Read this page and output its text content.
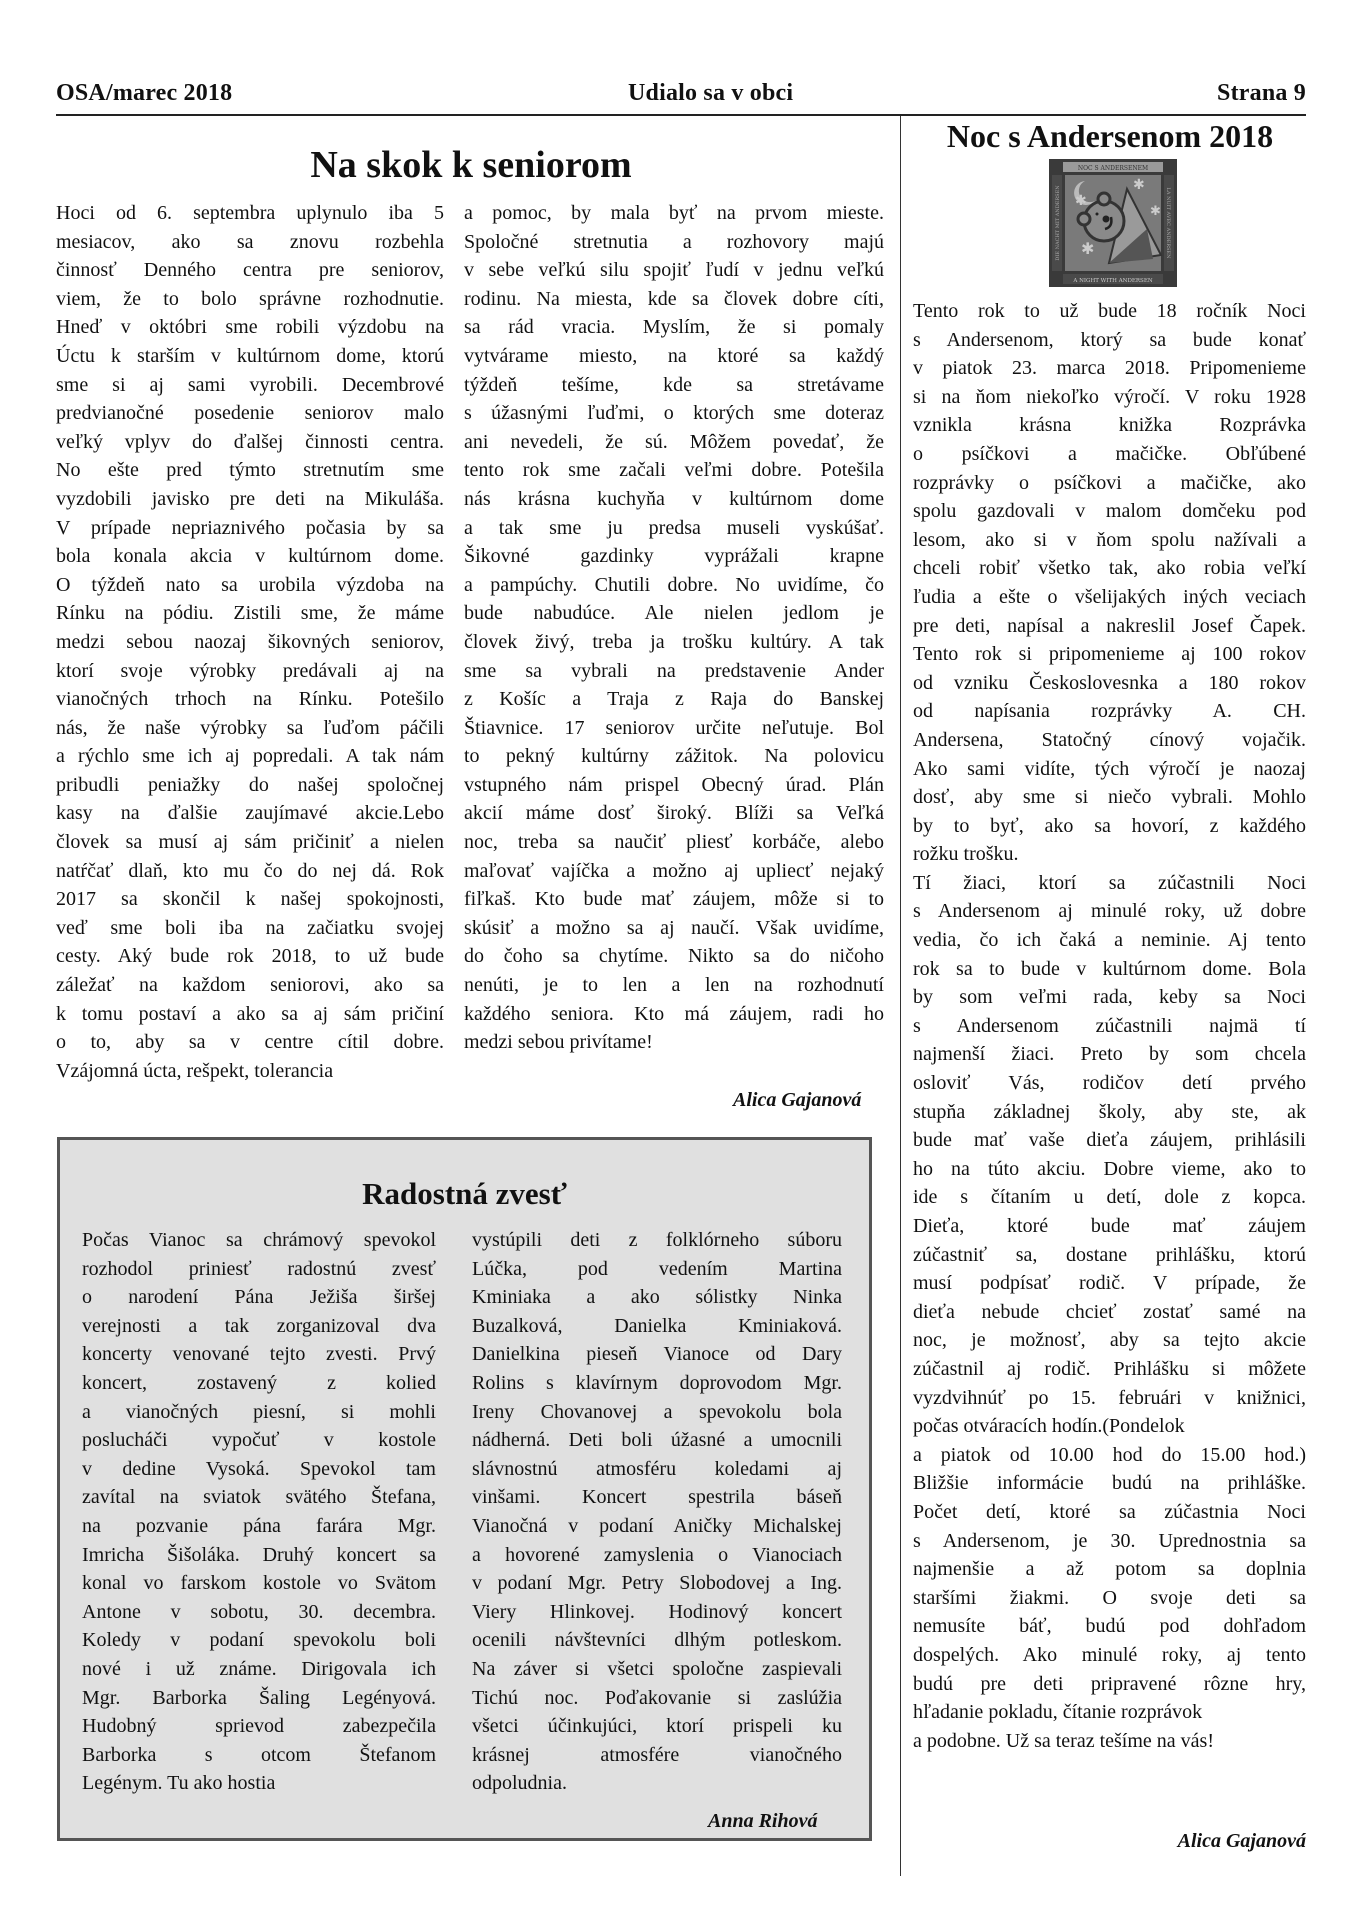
OSA/marec 2018	Udialo sa v obci	Strana 9
Na skok k seniorom
Hoci od 6. septembra uplynulo iba 5
mesiacov, ako sa znovu rozbehla
činnosť Denného centra pre seniorov,
viem, že to bolo správne rozhodnutie.
Hneď v októbri sme robili výzdobu na
Úctu k starším v kultúrnom dome, ktorú
sme si aj sami vyrobili. Decembrové
predvianočné posedenie seniorov malo
veľký vplyv do ďalšej činnosti centra.
No ešte pred týmto stretnutím sme
vyzdobili javisko pre deti na Mikuláša.
V prípade nepriaznivého počasia by sa
bola konala akcia v kultúrnom dome.
O týždeň nato sa urobila výzdoba na
Rínku na pódiu. Zistili sme, že máme
medzi sebou naozaj šikovných seniorov,
ktorí svoje výrobky predávali aj na
vianočných trhoch na Rínku. Potešilo
nás, že naše výrobky sa ľuďom páčili
a rýchlo sme ich aj popredali. A tak nám
pribudli peniažky do našej spoločnej
kasy na ďalšie zaujímavé akcie.Lebo
človek sa musí aj sám pričiniť a nielen
natŕčať dlaň, kto mu čo do nej dá. Rok
2017 sa skončil k našej spokojnosti,
veď sme boli iba na začiatku svojej
cesty. Aký bude rok 2018, to už bude
záležať na každom seniorovi, ako sa
k tomu postaví a ako sa aj sám pričiní
o to, aby sa v centre cítil dobre.
Vzájomná úcta, rešpekt, tolerancia
a pomoc, by mala byť na prvom mieste.
Spoločné stretnutia a rozhovory majú
v sebe veľkú silu spojiť ľudí v jednu veľkú
rodinu. Na miesta, kde sa človek dobre cíti,
sa rád vracia. Myslím, že si pomaly
vytvárame miesto, na ktoré sa každý
týždeň tešíme, kde sa stretávame
s úžasnými ľuďmi, o ktorých sme doteraz
ani nevedeli, že sú. Môžem povedať, že
tento rok sme začali veľmi dobre. Potešila
nás krásna kuchyňa v kultúrnom dome
a tak sme ju predsa museli vyskúšať.
Šikovné gazdinky vyprážali krapne
a pampúchy. Chutili dobre. No uvidíme, čo
bude nabudúce. Ale nielen jedlom je
človek živý, treba ja trošku kultúry. A tak
sme sa vybrali na predstavenie Ander
z Košíc a Traja z Raja do Banskej
Štiavnice. 17 seniorov určite neľutuje. Bol
to pekný kultúrny zážitok. Na polovicu
vstupného nám prispel Obecný úrad. Plán
akcií máme dosť široký. Blíži sa Veľká
noc, treba sa naučiť pliesť korbáče, alebo
maľovať vajíčka a možno aj uplieсť nejaký
fiľkaš. Kto bude mať záujem, môže si to
skúsiť a možno sa aj naučí. Však uvidíme,
do čoho sa chytíme. Nikto sa do ničoho
nenúti, je to len a len na rozhodnutí
každého seniora. Kto má záujem, radi ho
medzi sebou privítame!
Alica Gajanová
Radostná zvesť
Počas Vianoc sa chrámový spevokol
rozhodol priniesť radostnú zvesť
o narodení Pána Ježiša širšej
verejnosti a tak zorganizoval dva
koncerty venované tejto zvesti. Prvý
koncert, zostavený z kolied
a vianočných piesní, si mohli
poslucháči vypočuť v kostole
v dedine Vysoká. Spevokol tam
zavítal na sviatok svätého Štefana,
na pozvanie pána farára Mgr.
Imricha Šišoláka. Druhý koncert sa
konal vo farskom kostole vo Svätom
Antone v sobotu, 30. decembra.
Koledy v podaní spevokolu boli
nové i už známe. Dirigovala ich
Mgr. Barborka Šaling Legényová.
Hudobný sprievod zabezpečila
Barborka s otcom Štefanom
Legénym. Tu ako hostia
vystúpili deti z folklórneho súboru
Lúčka, pod vedením Martina
Kminiaka a ako sólistky Ninka
Buzalková, Danielka Kminiaková.
Danielkina pieseň Vianoce od Dary
Rolins s klavírnym doprovodom Mgr.
Ireny Chovanovej a spevokolu bola
nádherná. Deti boli úžasné a umocnili
slávnostnú atmosféru koledami aj
vinšami. Koncert spestrila báseň
Vianočná v podaní Aničky Michalskej
a hovorené zamyslenia o Vianociach
v podaní Mgr. Petry Slobodovej a Ing.
Viery Hlinkovej. Hodinový koncert
ocenili návštevníci dlhým potleskom.
Na záver si všetci spoločne zaspievali
Tichú noc. Poďakovanie si zaslúžia
všetci účinkujúci, ktorí prispeli ku
krásnej atmosfére vianočného
odpoludnia.
Anna Rihová
Noc s Andersenom 2018
NOC S ANDERSENEM
A NIGHT WITH ANDERSEN
DIE NACHT MIT ANDERSEN	LA NUIT AVEC ANDERSEN
✱
✱
✱
✱
Tento rok to už bude 18 ročník Noci
s Andersenom, ktorý sa bude konať
v piatok 23. marca 2018. Pripomenieme
si na ňom niekoľko výročí. V roku 1928
vznikla krásna knižka Rozprávka
o psíčkovi a mačičke. Obľúbené
rozprávky o psíčkovi a mačičke, ako
spolu gazdovali v malom domčeku pod
lesom, ako si v ňom spolu nažívali a
chceli robiť všetko tak, ako robia veľkí
ľudia a ešte o všelijakých iných veciach
pre deti, napísal a nakreslil Josef Čapek.
Tento rok si pripomenieme aj 100 rokov
od vzniku Českoslovesnka a 180 rokov
od napísania rozprávky A. CH.
Andersena, Statočný cínový vojačik.
Ako sami vidíte, tých výročí je naozaj
dosť, aby sme si niečo vybrali. Mohlo
by to byť, ako sa hovorí, z každého
rožku trošku.
Tí žiaci, ktorí sa zúčastnili Noci
s Andersenom aj minulé roky, už dobre
vedia, čo ich čaká a neminie. Aj tento
rok sa to bude v kultúrnom dome. Bola
by som veľmi rada, keby sa Noci
s Andersenom zúčastnili najmä tí
najmenší žiaci. Preto by som chcela
osloviť Vás, rodičov detí prvého
stupňa základnej školy, aby ste, ak
bude mať vaše dieťa záujem, prihlásili
ho na túto akciu. Dobre vieme, ako to
ide s čítaním u detí, dole z kopca.
Dieťa, ktoré bude mať záujem
zúčastniť sa, dostane prihlášku, ktorú
musí podpísať rodič. V prípade, že
dieťa nebude chcieť zostať samé na
noc, je možnosť, aby sa tejto akcie
zúčastnil aj rodič. Prihlášku si môžete
vyzdvihnúť po 15. februári v knižnici,
počas otváracích hodín.(Pondelok
a piatok od 10.00 hod do 15.00 hod.)
Bližšie informácie budú na prihláške.
Počet detí, ktoré sa zúčastnia Noci
s Andersenom, je 30. Uprednostnia sa
najmenšie a až potom sa doplnia
staršími žiakmi. O svoje deti sa
nemusíte báť, budú pod dohľadom
dospelých. Ako minulé roky, aj tento
budú pre deti pripravené rôzne hry,
hľadanie pokladu, čítanie rozprávok
a podobne. Už sa teraz tešíme na vás!
Alica Gajanová
